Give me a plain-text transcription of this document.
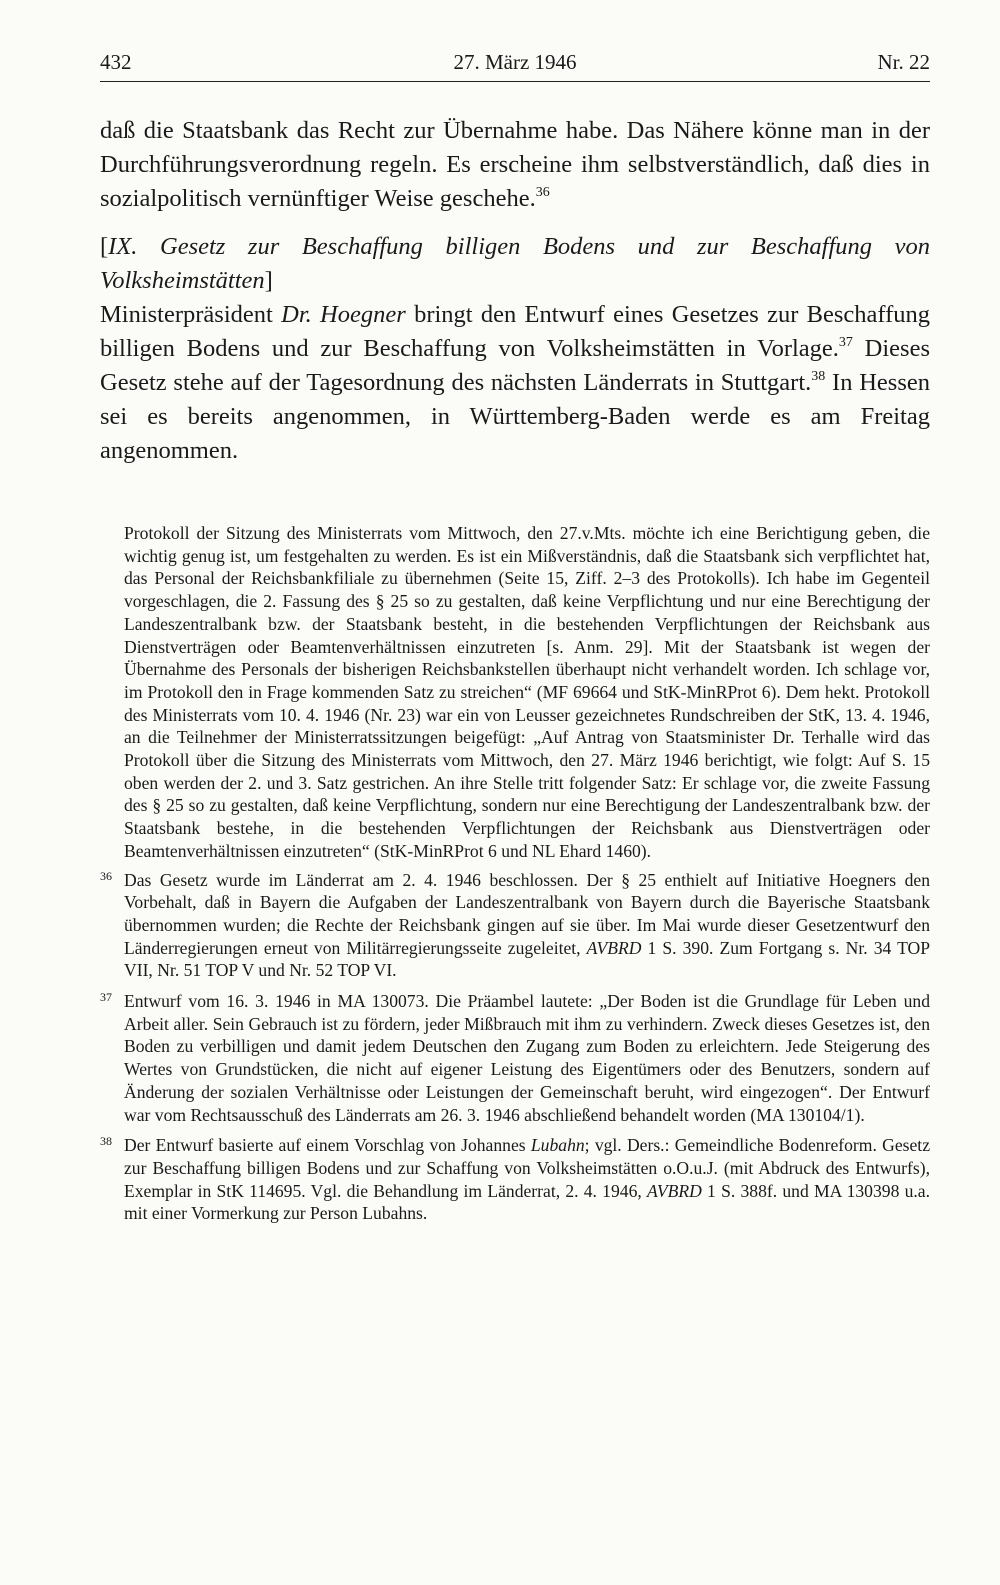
432	27. März 1946	Nr. 22

daß die Staatsbank das Recht zur Übernahme habe. Das Nähere könne man in der Durchführungsverordnung regeln. Es erscheine ihm selbstverständlich, daß dies in sozialpolitisch vernünftiger Weise geschehe.$^{36}$

[IX. Gesetz zur Beschaffung billigen Bodens und zur Beschaffung von Volksheimstätten]

Ministerpräsident Dr. Hoegner bringt den Entwurf eines Gesetzes zur Beschaffung billigen Bodens und zur Beschaffung von Volksheimstätten in Vorlage.$^{37}$ Dieses Gesetz stehe auf der Tagesordnung des nächsten Länderrats in Stuttgart.$^{38}$ In Hessen sei es bereits angenommen, in Württemberg-Baden werde es am Freitag angenommen.

Protokoll der Sitzung des Ministerrats vom Mittwoch, den 27.v.Mts. möchte ich eine Berichtigung geben, die wichtig genug ist, um festgehalten zu werden. Es ist ein Mißverständnis, daß die Staatsbank sich verpflichtet hat, das Personal der Reichsbankfiliale zu übernehmen (Seite 15, Ziff. 2–3 des Protokolls). Ich habe im Gegenteil vorgeschlagen, die 2. Fassung des § 25 so zu gestalten, daß keine Verpflichtung und nur eine Berechtigung der Landeszentralbank bzw. der Staatsbank besteht, in die bestehenden Verpflichtungen der Reichsbank aus Dienstverträgen oder Beamtenverhältnissen einzutreten [s. Anm. 29]. Mit der Staatsbank ist wegen der Übernahme des Personals der bisherigen Reichsbankstellen überhaupt nicht verhandelt worden. Ich schlage vor, im Protokoll den in Frage kommenden Satz zu streichen“ (MF 69664 und StK-MinRProt 6). Dem hekt. Protokoll des Ministerrats vom 10. 4. 1946 (Nr. 23) war ein von Leusser gezeichnetes Rundschreiben der StK, 13. 4. 1946, an die Teilnehmer der Ministerratssitzungen beigefügt: „Auf Antrag von Staatsminister Dr. Terhalle wird das Protokoll über die Sitzung des Ministerrats vom Mittwoch, den 27. März 1946 berichtigt, wie folgt: Auf S. 15 oben werden der 2. und 3. Satz gestrichen. An ihre Stelle tritt folgender Satz: Er schlage vor, die zweite Fassung des § 25 so zu gestalten, daß keine Verpflichtung, sondern nur eine Berechtigung der Landeszentralbank bzw. der Staatsbank bestehe, in die bestehenden Verpflichtungen der Reichsbank aus Dienstverträgen oder Beamtenverhältnissen einzutreten“ (StK-MinRProt 6 und NL Ehard 1460).

36 Das Gesetz wurde im Länderrat am 2. 4. 1946 beschlossen. Der § 25 enthielt auf Initiative Hoegners den Vorbehalt, daß in Bayern die Aufgaben der Landeszentralbank von Bayern durch die Bayerische Staatsbank übernommen wurden; die Rechte der Reichsbank gingen auf sie über. Im Mai wurde dieser Gesetzentwurf den Länderregierungen erneut von Militärregierungsseite zugeleitet, AVBRD 1 S. 390. Zum Fortgang s. Nr. 34 TOP VII, Nr. 51 TOP V und Nr. 52 TOP VI.
37 Entwurf vom 16. 3. 1946 in MA 130073. Die Präambel lautete: „Der Boden ist die Grundlage für Leben und Arbeit aller. Sein Gebrauch ist zu fördern, jeder Mißbrauch mit ihm zu verhindern. Zweck dieses Gesetzes ist, den Boden zu verbilligen und damit jedem Deutschen den Zugang zum Boden zu erleichtern. Jede Steigerung des Wertes von Grundstücken, die nicht auf eigener Leistung des Eigentümers oder des Benutzers, sondern auf Änderung der sozialen Verhältnisse oder Leistungen der Gemeinschaft beruht, wird eingezogen“. Der Entwurf war vom Rechtsausschuß des Länderrats am 26. 3. 1946 abschließend behandelt worden (MA 130104/1).
38 Der Entwurf basierte auf einem Vorschlag von Johannes Lubahn; vgl. Ders.: Gemeindliche Bodenreform. Gesetz zur Beschaffung billigen Bodens und zur Schaffung von Volksheimstätten o.O.u.J. (mit Abdruck des Entwurfs), Exemplar in StK 114695. Vgl. die Behandlung im Länderrat, 2. 4. 1946, AVBRD 1 S. 388f. und MA 130398 u.a. mit einer Vormerkung zur Person Lubahns.
